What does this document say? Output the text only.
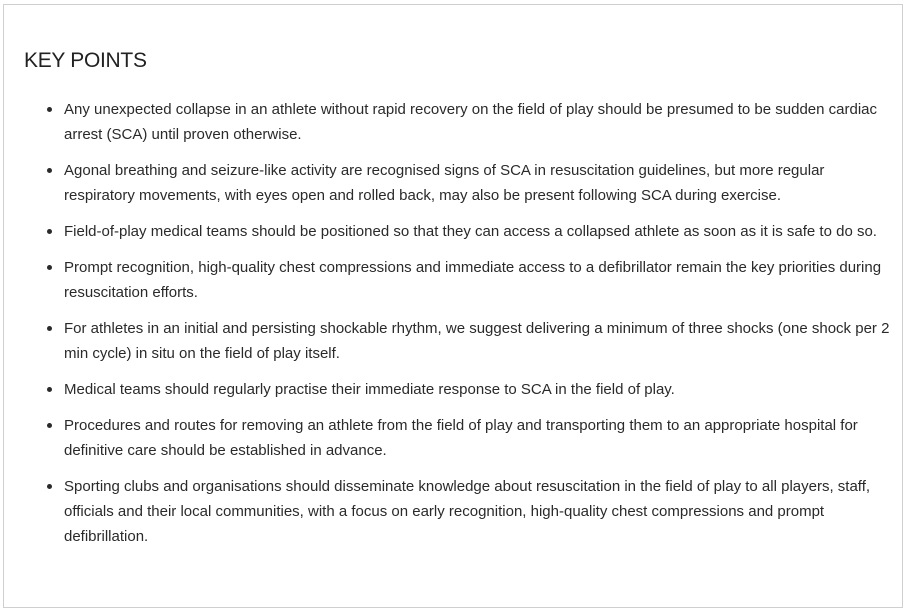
KEY POINTS
Any unexpected collapse in an athlete without rapid recovery on the field of play should be presumed to be sudden cardiac arrest (SCA) until proven otherwise.
Agonal breathing and seizure-like activity are recognised signs of SCA in resuscitation guidelines, but more regular respiratory movements, with eyes open and rolled back, may also be present following SCA during exercise.
Field-of-play medical teams should be positioned so that they can access a collapsed athlete as soon as it is safe to do so.
Prompt recognition, high-quality chest compressions and immediate access to a defibrillator remain the key priorities during resuscitation efforts.
For athletes in an initial and persisting shockable rhythm, we suggest delivering a minimum of three shocks (one shock per 2 min cycle) in situ on the field of play itself.
Medical teams should regularly practise their immediate response to SCA in the field of play.
Procedures and routes for removing an athlete from the field of play and transporting them to an appropriate hospital for definitive care should be established in advance.
Sporting clubs and organisations should disseminate knowledge about resuscitation in the field of play to all players, staff, officials and their local communities, with a focus on early recognition, high-quality chest compressions and prompt defibrillation.
